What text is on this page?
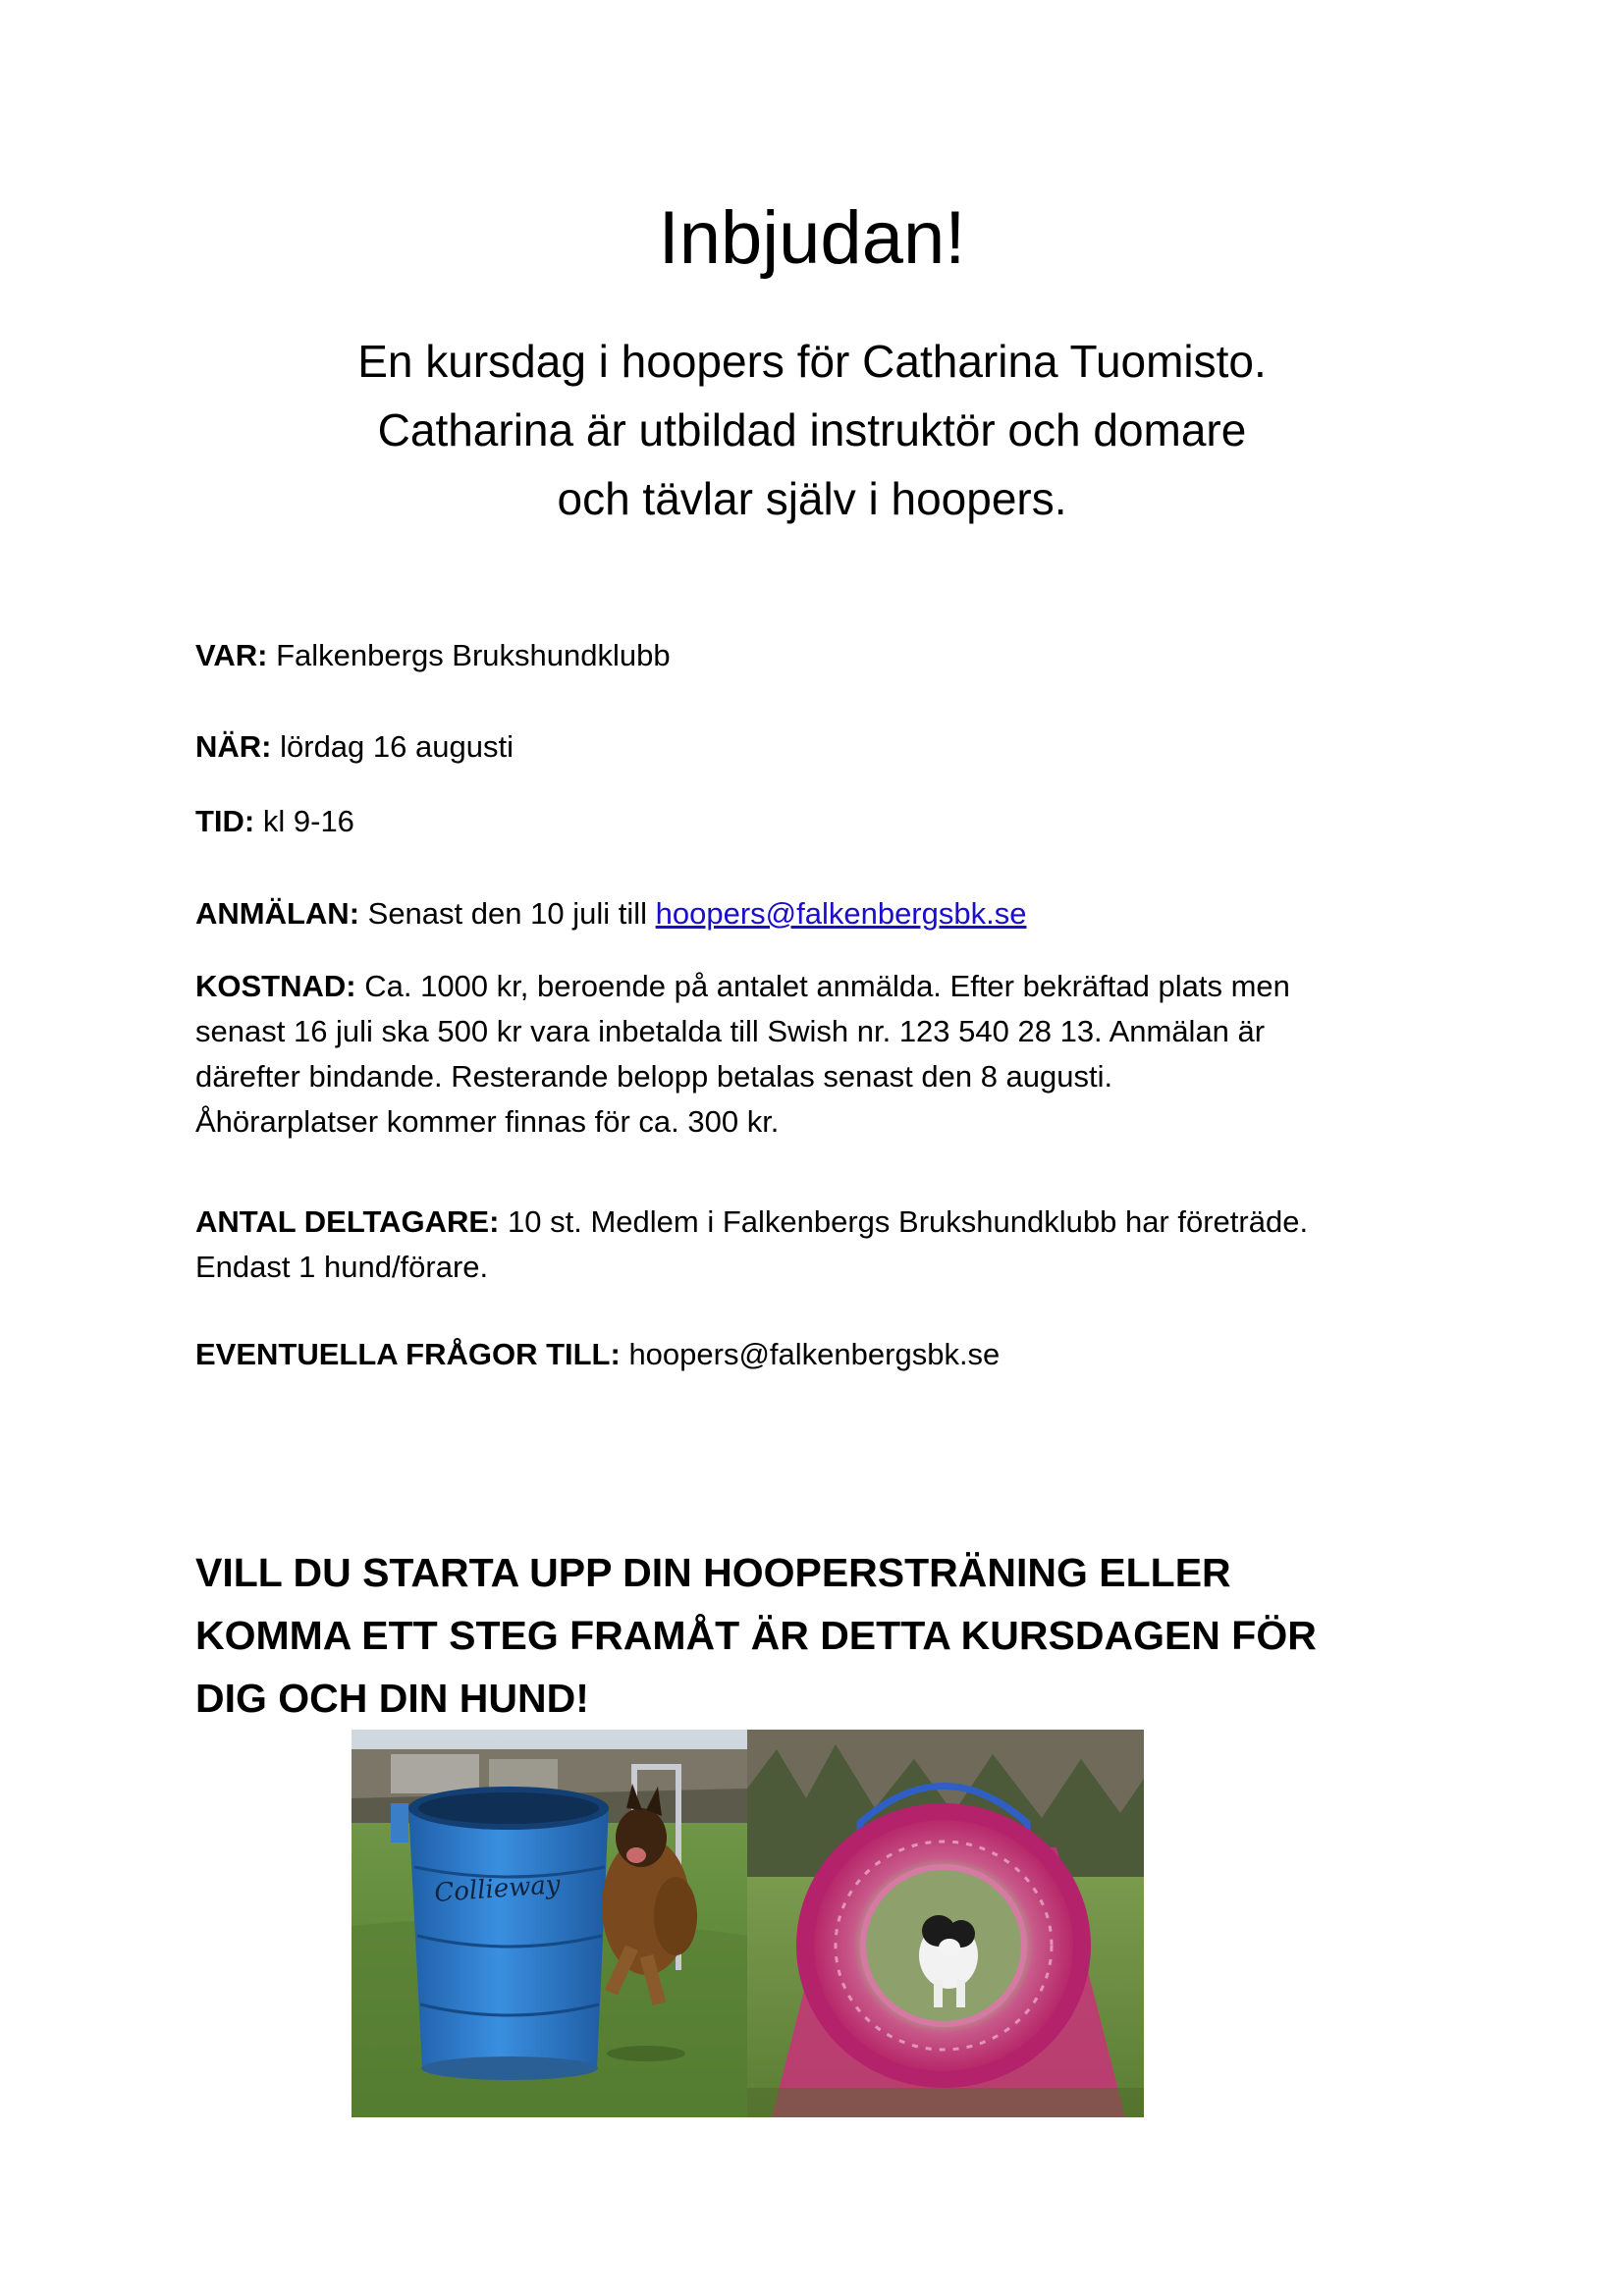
Inbjudan!
En kursdag i hoopers för Catharina Tuomisto.
Catharina är utbildad instruktör och domare
och tävlar själv i hoopers.

VAR: Falkenbergs Brukshundklubb

NÄR: lördag 16 augusti

TID: kl 9-16

ANMÄLAN: Senast den 10 juli till hoopers@falkenbergsbk.se

KOSTNAD: Ca. 1000 kr, beroende på antalet anmälda. Efter bekräftad plats men
senast 16 juli ska 500 kr vara inbetalda till Swish nr. 123 540 28 13. Anmälan är
därefter bindande. Resterande belopp betalas senast den 8 augusti.
Åhörarplatser kommer finnas för ca. 300 kr.

ANTAL DELTAGARE: 10 st. Medlem i Falkenbergs Brukshundklubb har företräde.
Endast 1 hund/förare.

EVENTUELLA FRÅGOR TILL: hoopers@falkenbergsbk.se

VILL DU STARTA UPP DIN HOOPERSTRÄNING ELLER
KOMMA ETT STEG FRAMÅT ÄR DETTA KURSDAGEN FÖR
DIG OCH DIN HUND!
Collieway
